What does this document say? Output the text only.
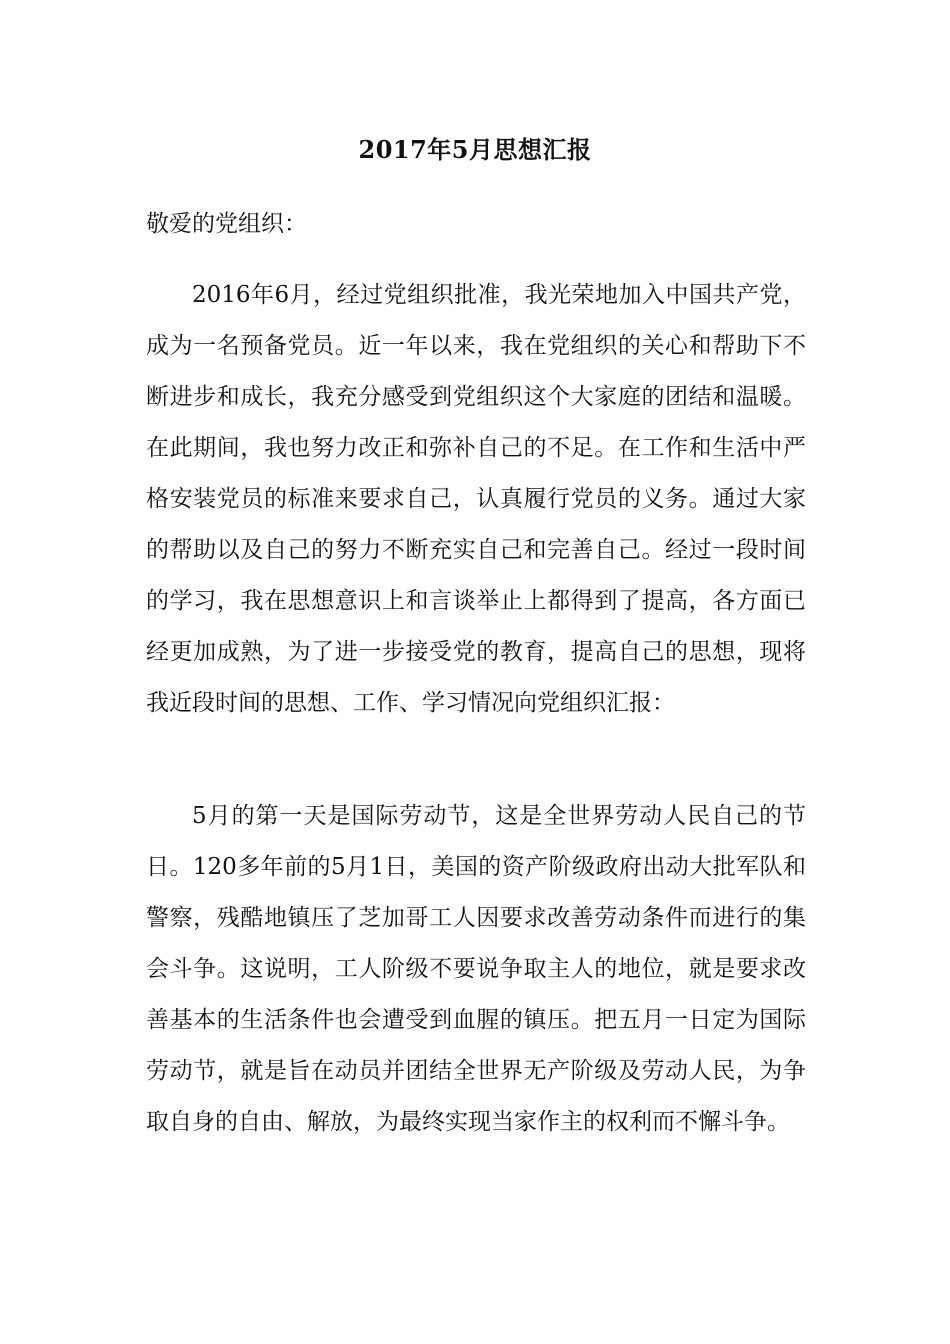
2017年5月思想汇报
敬爱的党组织：

2016年6月，经过党组织批准，我光荣地加入中国共产党，成为一名预备党员。近一年以来，我在党组织的关心和帮助下不断进步和成长，我充分感受到党组织这个大家庭的团结和温暖。在此期间，我也努力改正和弥补自己的不足。在工作和生活中严格安装党员的标准来要求自己，认真履行党员的义务。通过大家的帮助以及自己的努力不断充实自己和完善自己。经过一段时间的学习，我在思想意识上和言谈举止上都得到了提高，各方面已经更加成熟，为了进一步接受党的教育，提高自己的思想，现将我近段时间的思想、工作、学习情况向党组织汇报：

5月的第一天是国际劳动节，这是全世界劳动人民自己的节日。120多年前的5月1日，美国的资产阶级政府出动大批军队和警察，残酷地镇压了芝加哥工人因要求改善劳动条件而进行的集会斗争。这说明，工人阶级不要说争取主人的地位，就是要求改善基本的生活条件也会遭受到血腥的镇压。把五月一日定为国际劳动节，就是旨在动员并团结全世界无产阶级及劳动人民，为争取自身的自由、解放，为最终实现当家作主的权利而不懈斗争。
